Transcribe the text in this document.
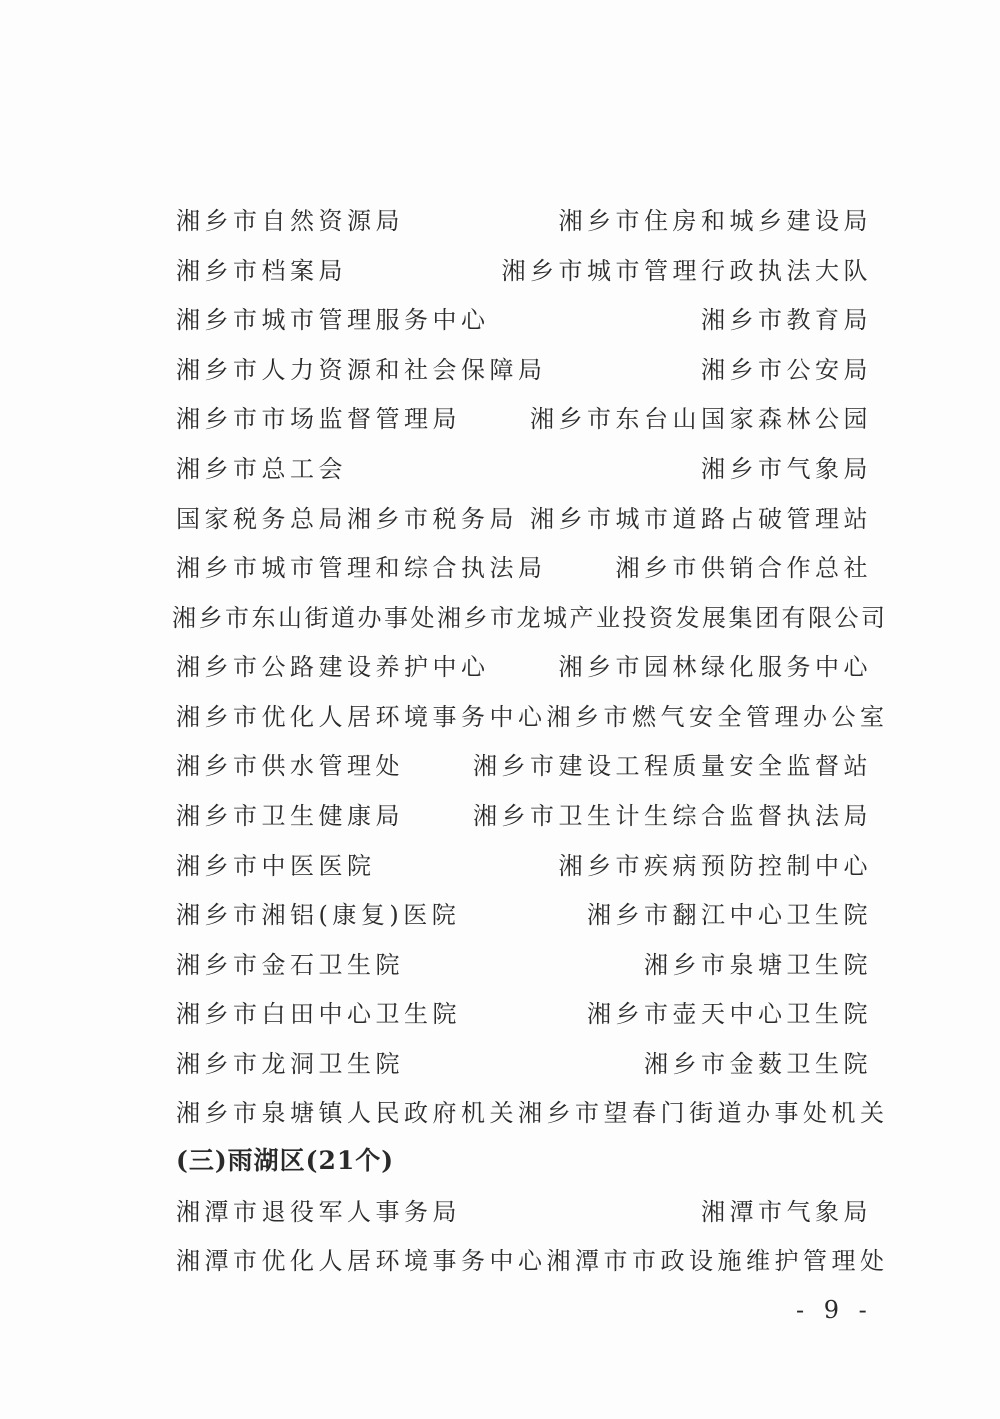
湘乡市自然资源局	湘乡市住房和城乡建设局
湘乡市档案局	湘乡市城市管理行政执法大队
湘乡市城市管理服务中心	湘乡市教育局
湘乡市人力资源和社会保障局	湘乡市公安局
湘乡市市场监督管理局	湘乡市东台山国家森林公园
湘乡市总工会	湘乡市气象局
国家税务总局湘乡市税务局 湘乡市城市道路占破管理站
湘乡市城市管理和综合执法局	湘乡市供销合作总社
湘乡市东山街道办事处 湘乡市龙城产业投资发展集团有限公司
湘乡市公路建设养护中心	湘乡市园林绿化服务中心
湘乡市优化人居环境事务中心 湘乡市燃气安全管理办公室
湘乡市供水管理处	湘乡市建设工程质量安全监督站
湘乡市卫生健康局	湘乡市卫生计生综合监督执法局
湘乡市中医医院	湘乡市疾病预防控制中心
湘乡市湘铝(康复)医院	湘乡市翻江中心卫生院
湘乡市金石卫生院	湘乡市泉塘卫生院
湘乡市白田中心卫生院	湘乡市壶天中心卫生院
湘乡市龙洞卫生院	湘乡市金薮卫生院
湘乡市泉塘镇人民政府机关 湘乡市望春门街道办事处机关
(三)雨湖区(21个)
湘潭市退役军人事务局	湘潭市气象局
湘潭市优化人居环境事务中心 湘潭市市政设施维护管理处
- 9 -
